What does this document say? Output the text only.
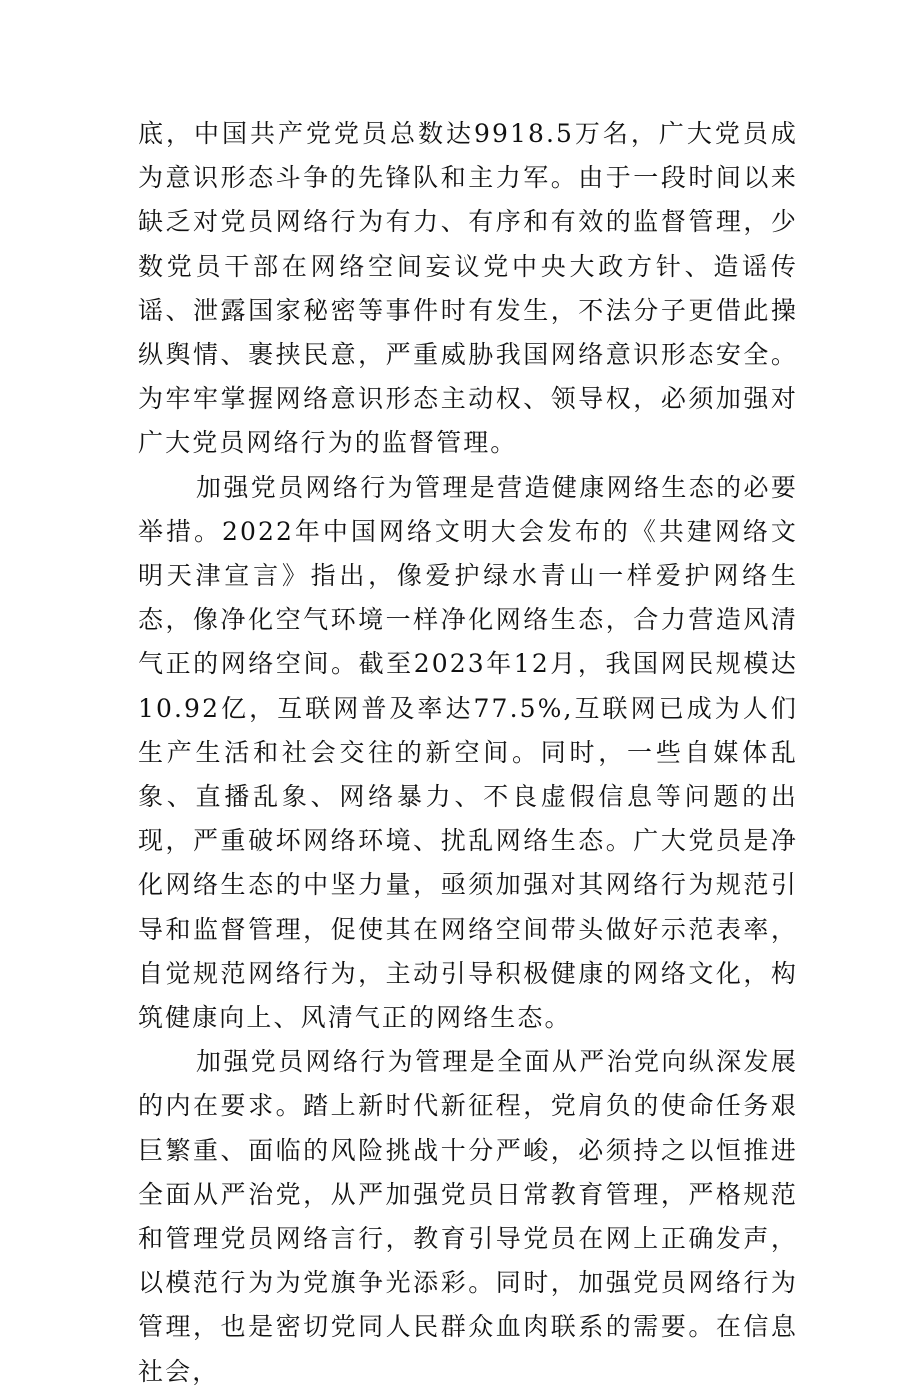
底，中国共产党党员总数达9918.5万名，广大党员成为意识形态斗争的先锋队和主力军。由于一段时间以来缺乏对党员网络行为有力、有序和有效的监督管理，少数党员干部在网络空间妄议党中央大政方针、造谣传谣、泄露国家秘密等事件时有发生，不法分子更借此操纵舆情、裹挟民意，严重威胁我国网络意识形态安全。为牢牢掌握网络意识形态主动权、领导权，必须加强对广大党员网络行为的监督管理。

加强党员网络行为管理是营造健康网络生态的必要举措。2022年中国网络文明大会发布的《共建网络文明天津宣言》指出，像爱护绿水青山一样爱护网络生态，像净化空气环境一样净化网络生态，合力营造风清气正的网络空间。截至2023年12月，我国网民规模达10.92亿，互联网普及率达77.5%,互联网已成为人们生产生活和社会交往的新空间。同时，一些自媒体乱象、直播乱象、网络暴力、不良虚假信息等问题的出现，严重破坏网络环境、扰乱网络生态。广大党员是净化网络生态的中坚力量，亟须加强对其网络行为规范引导和监督管理，促使其在网络空间带头做好示范表率，自觉规范网络行为，主动引导积极健康的网络文化，构筑健康向上、风清气正的网络生态。

加强党员网络行为管理是全面从严治党向纵深发展的内在要求。踏上新时代新征程，党肩负的使命任务艰巨繁重、面临的风险挑战十分严峻，必须持之以恒推进全面从严治党，从严加强党员日常教育管理，严格规范和管理党员网络言行，教育引导党员在网上正确发声，以模范行为为党旗争光添彩。同时，加强党员网络行为管理，也是密切党同人民群众血肉联系的需要。在信息社会，
